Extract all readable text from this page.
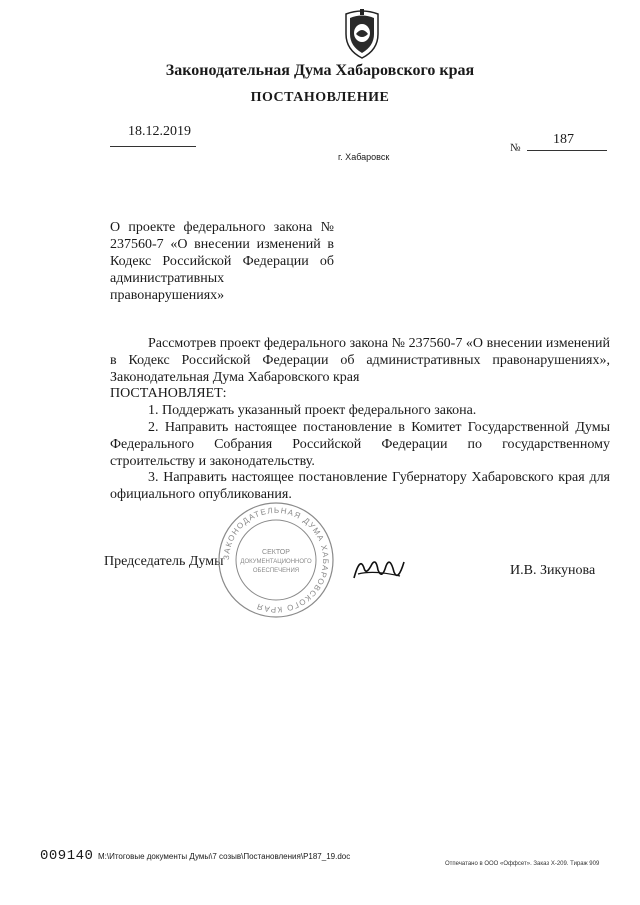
Законодательная Дума Хабаровского края
ПОСТАНОВЛЕНИЕ
18.12.2019
№
187
г. Хабаровск
О проекте федерального закона № 237560-7 «О внесении изменений в Кодекс Российской Федерации об административных правонарушениях»

Рассмотрев проект федерального закона № 237560-7 «О внесении изменений в Кодекс Российской Федерации об административных правонарушениях», Законодательная Дума Хабаровского края

ПОСТАНОВЛЯЕТ:

1. Поддержать указанный проект федерального закона.

2. Направить настоящее постановление в Комитет Государственной Думы Федерального Собрания Российской Федерации по государственному строительству и законодательству.

3. Направить настоящее постановление Губернатору Хабаровского края для официального опубликования.

Председатель Думы
ЗАКОНОДАТЕЛЬНАЯ ДУМА ХАБАРОВСКОГО КРАЯ
СЕКТОР
ДОКУМЕНТАЦИОННОГО
ОБЕСПЕЧЕНИЯ	И.В. Зикунова
009140 M:\Итоговые документы Думы\7 созыв\Постановления\P187_19.doc
Отпечатано в ООО «Оффсет». Заказ Х-209. Тираж 909
